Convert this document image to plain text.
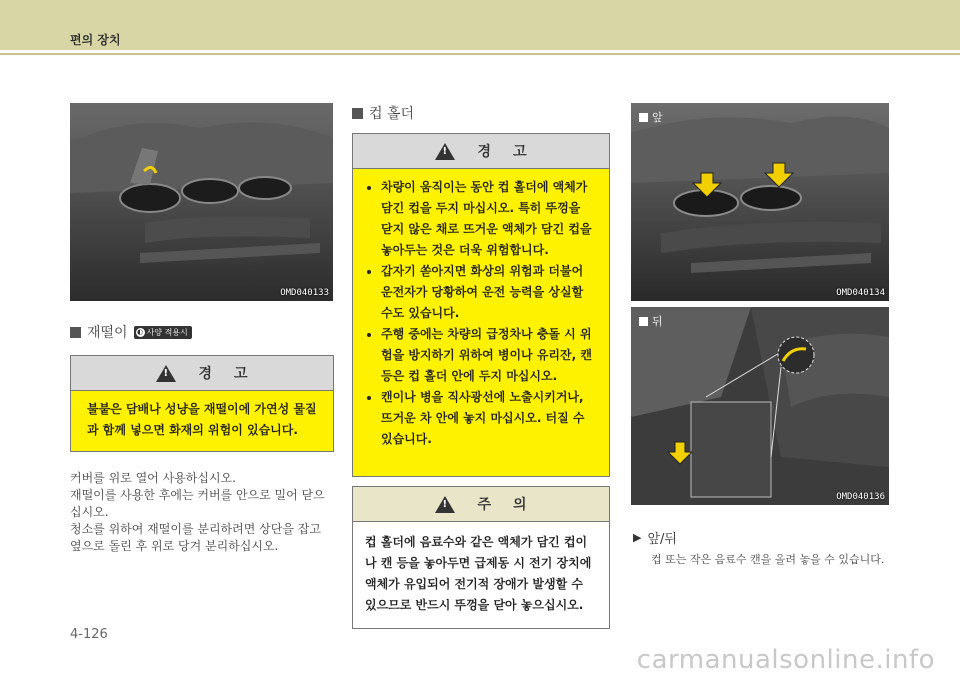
편의 장치
OMD040133
재떨이 ◐ 사양 적용시
!
경 고
불붙은 담배나 성냥을 재떨이에 가연성 물질과 함께 넣으면 화재의 위험이 있습니다.
커버를 위로 열어 사용하십시오.
재떨이를 사용한 후에는 커버를 안으로 밀어 닫으십시오.
청소를 위하여 재떨이를 분리하려면 상단을 잡고 옆으로 돌린 후 위로 당겨 분리하십시오.
컵 홀더
!
경 고
• 차량이 움직이는 동안 컵 홀더에 액체가 담긴 컵을 두지 마십시오. 특히 뚜껑을 닫지 않은 채로 뜨거운 액체가 담긴 컵을 놓아두는 것은 더욱 위험합니다.
• 갑자기 쏟아지면 화상의 위험과 더불어 운전자가 당황하여 운전 능력을 상실할 수도 있습니다.
• 주행 중에는 차량의 급정차나 충돌 시 위험을 방지하기 위하여 병이나 유리잔, 캔 등은 컵 홀더 안에 두지 마십시오.
• 캔이나 병을 직사광선에 노출시키거나, 뜨거운 차 안에 놓지 마십시오. 터질 수 있습니다.
!
주 의
컵 홀더에 음료수와 같은 액체가 담긴 컵이나 캔 등을 놓아두면 급제동 시 전기 장치에 액체가 유입되어 전기적 장애가 발생할 수 있으므로 반드시 뚜껑을 닫아 놓으십시오.
앞
OMD040134
뒤
OMD040136
▶ 앞/뒤
컵 또는 작은 음료수 캔을 올려 놓을 수 있습니다.
4-126
carmanualsonline.info
